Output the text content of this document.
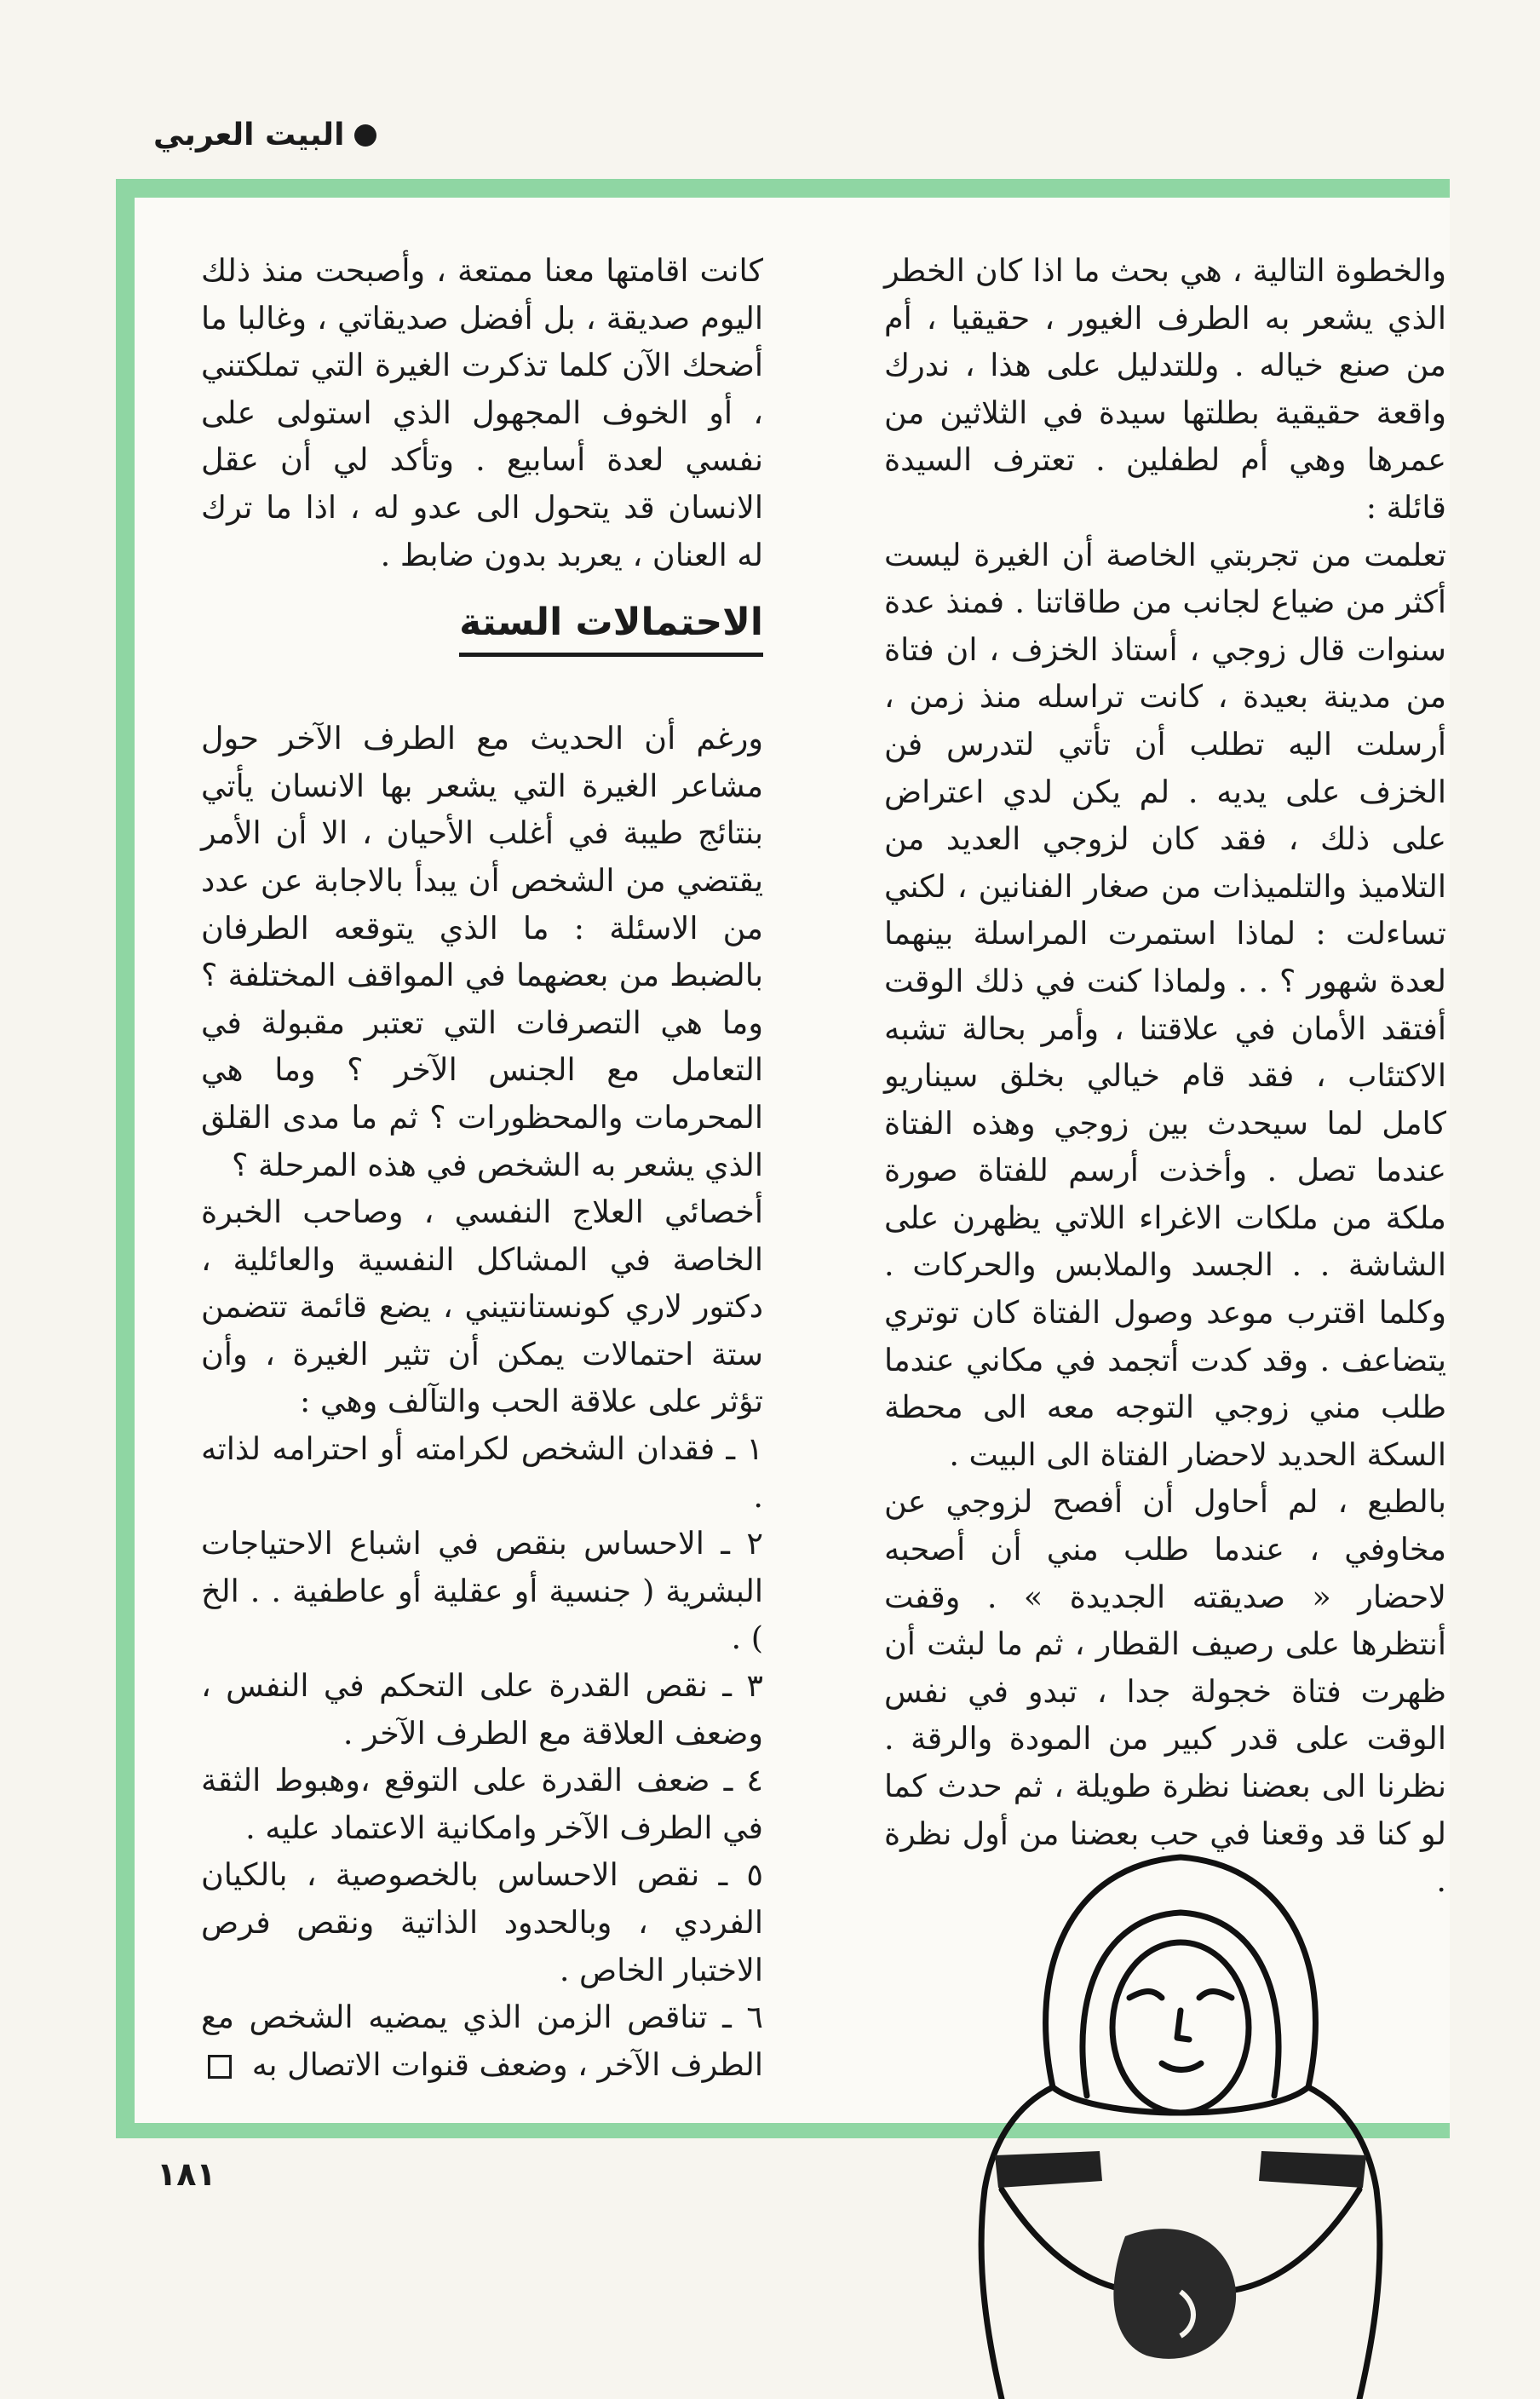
البيت العربي

والخطوة التالية ، هي بحث ما اذا كان الخطر الذي يشعر به الطرف الغيور ، حقيقيا ، أم من صنع خياله . وللتدليل على هذا ، ندرك واقعة حقيقية بطلتها سيدة في الثلاثين من عمرها وهي أم لطفلين . تعترف السيدة قائلة :

تعلمت من تجربتي الخاصة أن الغيرة ليست أكثر من ضياع لجانب من طاقاتنا . فمنذ عدة سنوات قال زوجي ، أستاذ الخزف ، ان فتاة من مدينة بعيدة ، كانت تراسله منذ زمن ، أرسلت اليه تطلب أن تأتي لتدرس فن الخزف على يديه . لم يكن لدي اعتراض على ذلك ، فقد كان لزوجي العديد من التلاميذ والتلميذات من صغار الفنانين ، لكني تساءلت : لماذا استمرت المراسلة بينهما لعدة شهور ؟ . . ولماذا كنت في ذلك الوقت أفتقد الأمان في علاقتنا ، وأمر بحالة تشبه الاكتئاب ، فقد قام خيالي بخلق سيناريو كامل لما سيحدث بين زوجي وهذه الفتاة عندما تصل . وأخذت أرسم للفتاة صورة ملكة من ملكات الاغراء اللاتي يظهرن على الشاشة . . الجسد والملابس والحركات . وكلما اقترب موعد وصول الفتاة كان توتري يتضاعف . وقد كدت أتجمد في مكاني عندما طلب مني زوجي التوجه معه الى محطة السكة الحديد لاحضار الفتاة الى البيت .

بالطبع ، لم أحاول أن أفصح لزوجي عن مخاوفي ، عندما طلب مني أن أصحبه لاحضار « صديقته الجديدة » . وقفت أنتظرها على رصيف القطار ، ثم ما لبثت أن ظهرت فتاة خجولة جدا ، تبدو في نفس الوقت على قدر كبير من المودة والرقة . نظرنا الى بعضنا نظرة طويلة ، ثم حدث كما لو كنا قد وقعنا في حب بعضنا من أول نظرة .

كانت اقامتها معنا ممتعة ، وأصبحت منذ ذلك اليوم صديقة ، بل أفضل صديقاتي ، وغالبا ما أضحك الآن كلما تذكرت الغيرة التي تملكتني ، أو الخوف المجهول الذي استولى على نفسي لعدة أسابيع . وتأكد لي أن عقل الانسان قد يتحول الى عدو له ، اذا ما ترك له العنان ، يعربد بدون ضابط .

الاحتمالات الستة

ورغم أن الحديث مع الطرف الآخر حول مشاعر الغيرة التي يشعر بها الانسان يأتي بنتائج طيبة في أغلب الأحيان ، الا أن الأمر يقتضي من الشخص أن يبدأ بالاجابة عن عدد من الاسئلة : ما الذي يتوقعه الطرفان بالضبط من بعضهما في المواقف المختلفة ؟ وما هي التصرفات التي تعتبر مقبولة في التعامل مع الجنس الآخر ؟ وما هي المحرمات والمحظورات ؟ ثم ما مدى القلق الذي يشعر به الشخص في هذه المرحلة ؟

أخصائي العلاج النفسي ، وصاحب الخبرة الخاصة في المشاكل النفسية والعائلية ، دكتور لاري كونستانتيني ، يضع قائمة تتضمن ستة احتمالات يمكن أن تثير الغيرة ، وأن تؤثر على علاقة الحب والتآلف وهي :

١ ـ فقدان الشخص لكرامته أو احترامه لذاته .

٢ ـ الاحساس بنقص في اشباع الاحتياجات البشرية ( جنسية أو عقلية أو عاطفية . . الخ ) .

٣ ـ نقص القدرة على التحكم في النفس ، وضعف العلاقة مع الطرف الآخر .

٤ ـ ضعف القدرة على التوقع ،وهبوط الثقة في الطرف الآخر وامكانية الاعتماد عليه .

٥ ـ نقص الاحساس بالخصوصية ، بالكيان الفردي ، وبالحدود الذاتية ونقص فرص الاختبار الخاص .

٦ ـ تناقص الزمن الذي يمضيه الشخص مع الطرف الآخر ، وضعف قنوات الاتصال به

١٨١
